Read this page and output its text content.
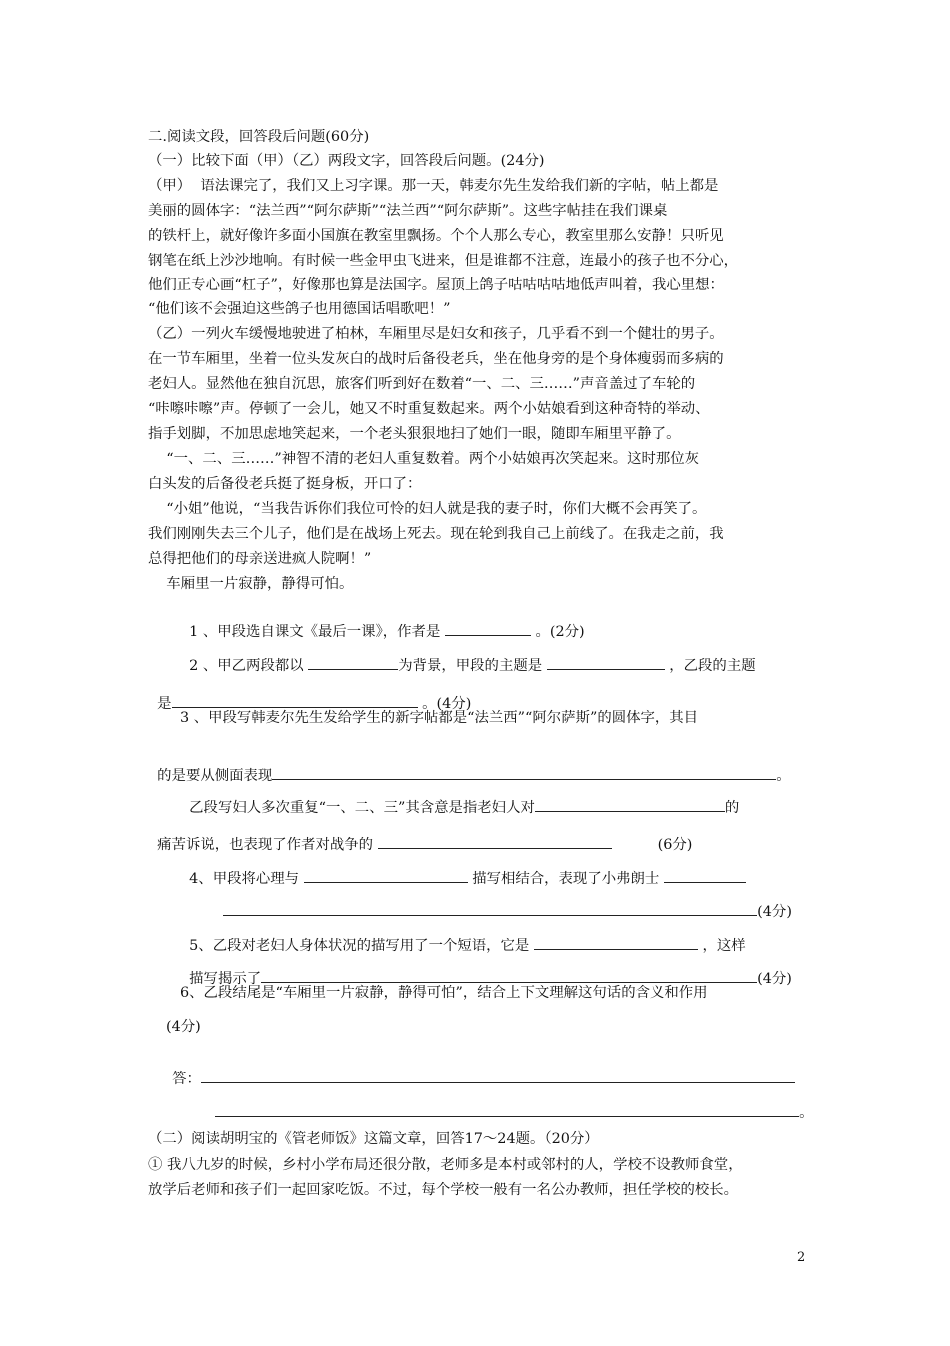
二.阅读文段，回答段后问题(60分)
（一）比较下面（甲）（乙）两段文字，回答段后问题。(24分)
（甲）  语法课完了，我们又上习字课。那一天，韩麦尔先生发给我们新的字帖，帖上都是
美丽的圆体字：“法兰西”“阿尔萨斯”“法兰西”“阿尔萨斯”。这些字帖挂在我们课桌
的铁杆上，就好像许多面小国旗在教室里飘扬。个个人那么专心，教室里那么安静！只听见
钢笔在纸上沙沙地响。有时候一些金甲虫飞进来，但是谁都不注意，连最小的孩子也不分心，
他们正专心画“杠子”，好像那也算是法国字。屋顶上鸽子咕咕咕咕地低声叫着，我心里想：
“他们该不会强迫这些鸽子也用德国话唱歌吧！”
（乙）一列火车缓慢地驶进了柏林，车厢里尽是妇女和孩子，几乎看不到一个健壮的男子。
在一节车厢里，坐着一位头发灰白的战时后备役老兵，坐在他身旁的是个身体瘦弱而多病的
老妇人。显然他在独自沉思，旅客们听到好在数着“一、二、三……”声音盖过了车轮的
“咔嚓咔嚓”声。停顿了一会儿，她又不时重复数起来。两个小姑娘看到这种奇特的举动、
指手划脚，不加思虑地笑起来，一个老头狠狠地扫了她们一眼，随即车厢里平静了。
“一、二、三……”神智不清的老妇人重复数着。两个小姑娘再次笑起来。这时那位灰
白头发的后备役老兵挺了挺身板，开口了：
“小姐”他说，“当我告诉你们我位可怜的妇人就是我的妻子时，你们大概不会再笑了。
我们刚刚失去三个儿子，他们是在战场上死去。现在轮到我自己上前线了。在我走之前，我
总得把他们的母亲送进疯人院啊！”
车厢里一片寂静，静得可怕。

1 、甲段选自课文《最后一课》，作者是	。(2分)

2 、甲乙两段都以	为背景，甲段的主题是	，乙段的主题

是	。(4分)

3 、甲段写韩麦尔先生发给学生的新字帖都是“法兰西”“阿尔萨斯”的圆体字，其目

的是要从侧面表现	。

乙段写妇人多次重复“一、二、三”其含意是指老妇人对	的

痛苦诉说，也表现了作者对战争的	(6分)

4、甲段将心理与	描写相结合，表现了小弗朗士

(4分)

5、乙段对老妇人身体状况的描写用了一个短语，它是	，这样

描写揭示了	(4分)

6、乙段结尾是“车厢里一片寂静，静得可怕”，结合上下文理解这句话的含义和作用
(4分)

答：

。

（二）阅读胡明宝的《管老师饭》这篇文章，回答17～24题。（20分）
① 我八九岁的时候，乡村小学布局还很分散，老师多是本村或邻村的人，学校不设教师食堂，
放学后老师和孩子们一起回家吃饭。不过，每个学校一般有一名公办教师，担任学校的校长。
2
